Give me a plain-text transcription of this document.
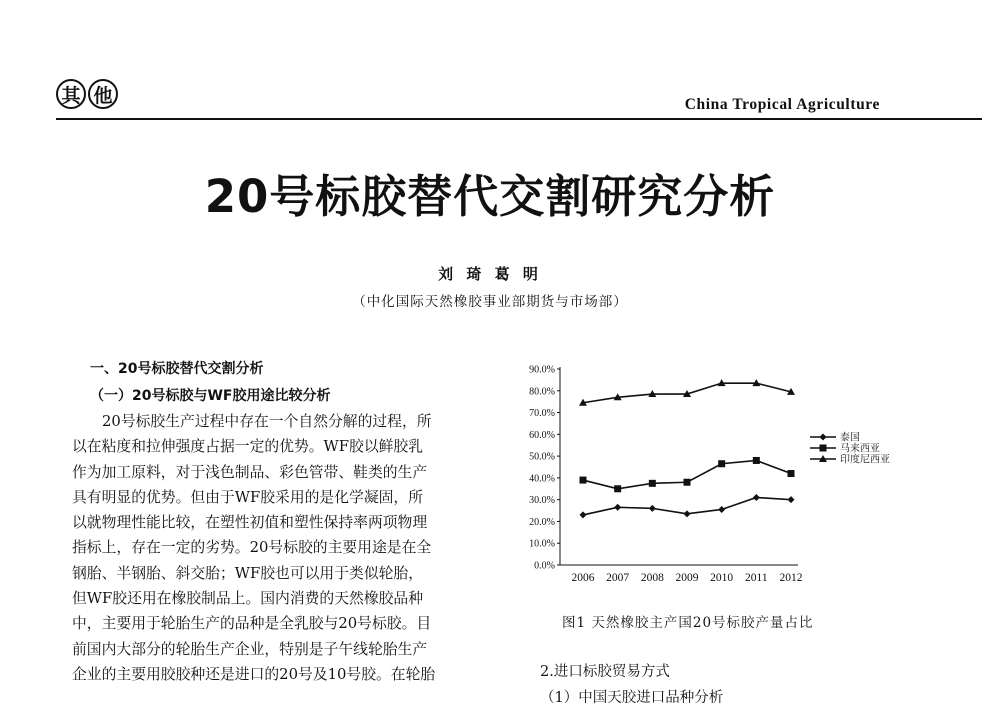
其 他	China Tropical Agriculture
20号标胶替代交割研究分析
刘 琦 葛 明
（中化国际天然橡胶事业部期货与市场部）
一、20号标胶替代交割分析
（一）20号标胶与WF胶用途比较分析
20号标胶生产过程中存在一个自然分解的过程，所
以在粘度和拉伸强度占据一定的优势。WF胶以鲜胶乳
作为加工原料，对于浅色制品、彩色管带、鞋类的生产
具有明显的优势。但由于WF胶采用的是化学凝固，所
以就物理性能比较，在塑性初值和塑性保持率两项物理
指标上，存在一定的劣势。20号标胶的主要用途是在全
钢胎、半钢胎、斜交胎；WF胶也可以用于类似轮胎，
但WF胶还用在橡胶制品上。国内消费的天然橡胶品种
中，主要用于轮胎生产的品种是全乳胶与20号标胶。目
前国内大部分的轮胎生产企业，特别是子午线轮胎生产
企业的主要用胶胶种还是进口的20号及10号胶。在轮胎
0.0%
10.0%
20.0%
30.0%
40.0%
50.0%
60.0%
70.0%
80.0%
90.0%
2006 2007 2008 2009 2010 2011 2012
泰国
马来西亚
印度尼西亚
图1 天然橡胶主产国20号标胶产量占比
2.进口标胶贸易方式
（1）中国天胶进口品种分析
